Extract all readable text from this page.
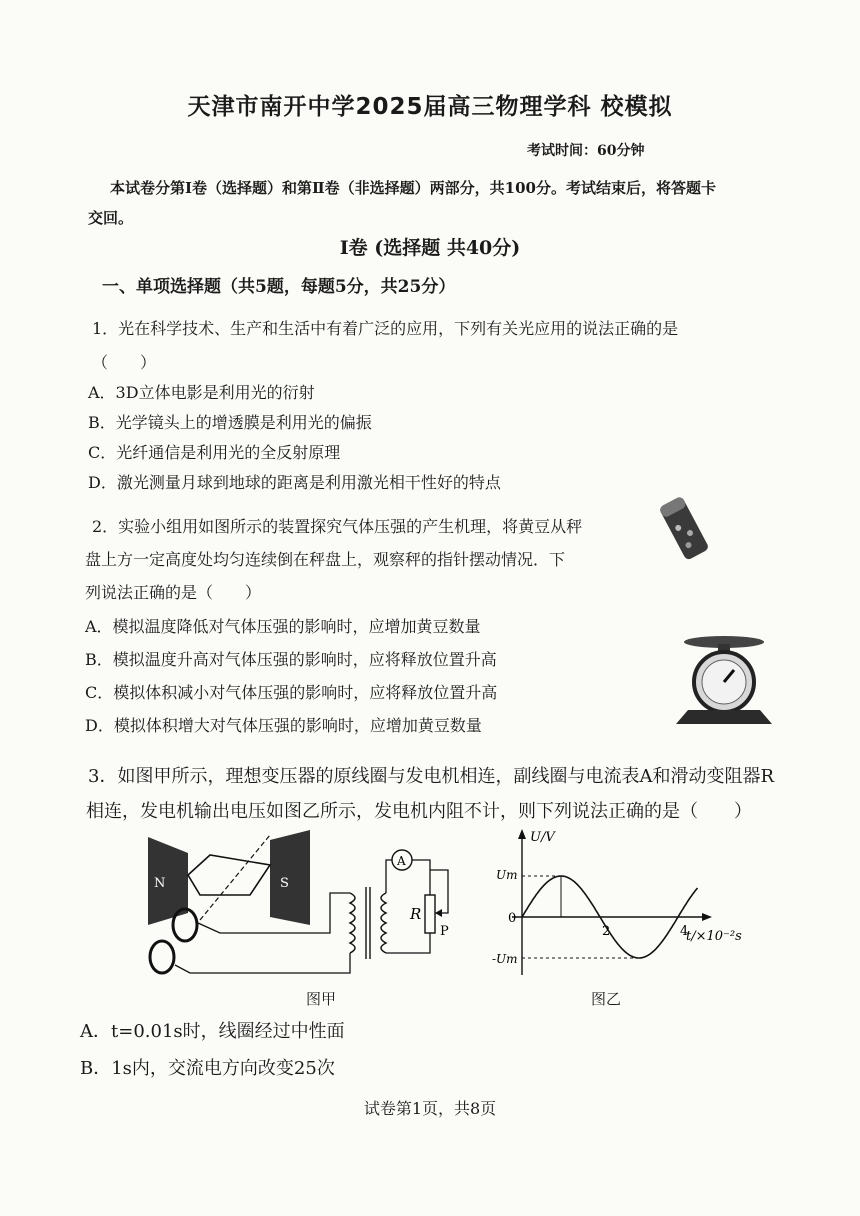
天津市南开中学2025届高三物理学科 校模拟
考试时间：60分钟
本试卷分第Ⅰ卷（选择题）和第Ⅱ卷（非选择题）两部分，共100分。考试结束后，将答题卡
交回。
Ⅰ卷 (选择题 共40分)
一、单项选择题（共5题，每题5分，共25分）
1．光在科学技术、生产和生活中有着广泛的应用，下列有关光应用的说法正确的是
（　　）
A．3D立体电影是利用光的衍射
B．光学镜头上的增透膜是利用光的偏振
C．光纤通信是利用光的全反射原理
D．激光测量月球到地球的距离是利用激光相干性好的特点
2．实验小组用如图所示的装置探究气体压强的产生机理，将黄豆从秤
盘上方一定高度处均匀连续倒在秤盘上，观察秤的指针摆动情况．下
列说法正确的是（　　）
A．模拟温度降低对气体压强的影响时，应增加黄豆数量
B．模拟温度升高对气体压强的影响时，应将释放位置升高
C．模拟体积减小对气体压强的影响时，应将释放位置升高
D．模拟体积增大对气体压强的影响时，应增加黄豆数量
3．如图甲所示，理想变压器的原线圈与发电机相连，副线圈与电流表A和滑动变阻器R
相连，发电机输出电压如图乙所示，发电机内阻不计，则下列说法正确的是（　　）
N	S
A
R
P
图甲
U/V
t/×10⁻²s
0
Um
-Um
2	4
图乙
A．t=0.01s时，线圈经过中性面
B．1s内，交流电方向改变25次
试卷第1页，共8页
